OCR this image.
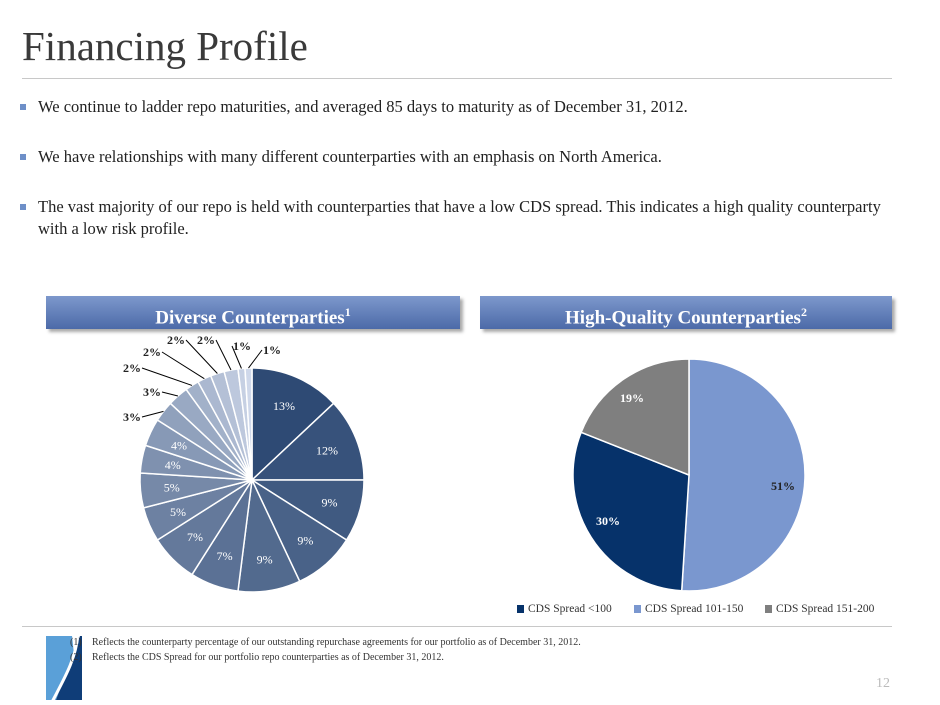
Financing Profile
We continue to ladder repo maturities, and averaged 85 days to maturity as of December 31, 2012.
We have relationships with many different counterparties with an emphasis on North America.
The vast majority of our repo is held with counterparties that have a low CDS spread. This indicates a high quality counterparty with a low risk profile.
Diverse Counterparties$^1$	High-Quality Counterparties$^2$
13%
12%
9%
9%
9%
7%
7%
5%
5%
4%
4%
3%
3%
2%
2%
2% 2% 1% 1%
51%
30%
19%
CDS Spread <100	CDS Spread 101-150	CDS Spread 151-200
(1) Reflects the counterparty percentage of our outstanding repurchase agreements for our portfolio as of December 31, 2012.
(2) Reflects the CDS Spread for our portfolio repo counterparties as of December 31, 2012.
12
